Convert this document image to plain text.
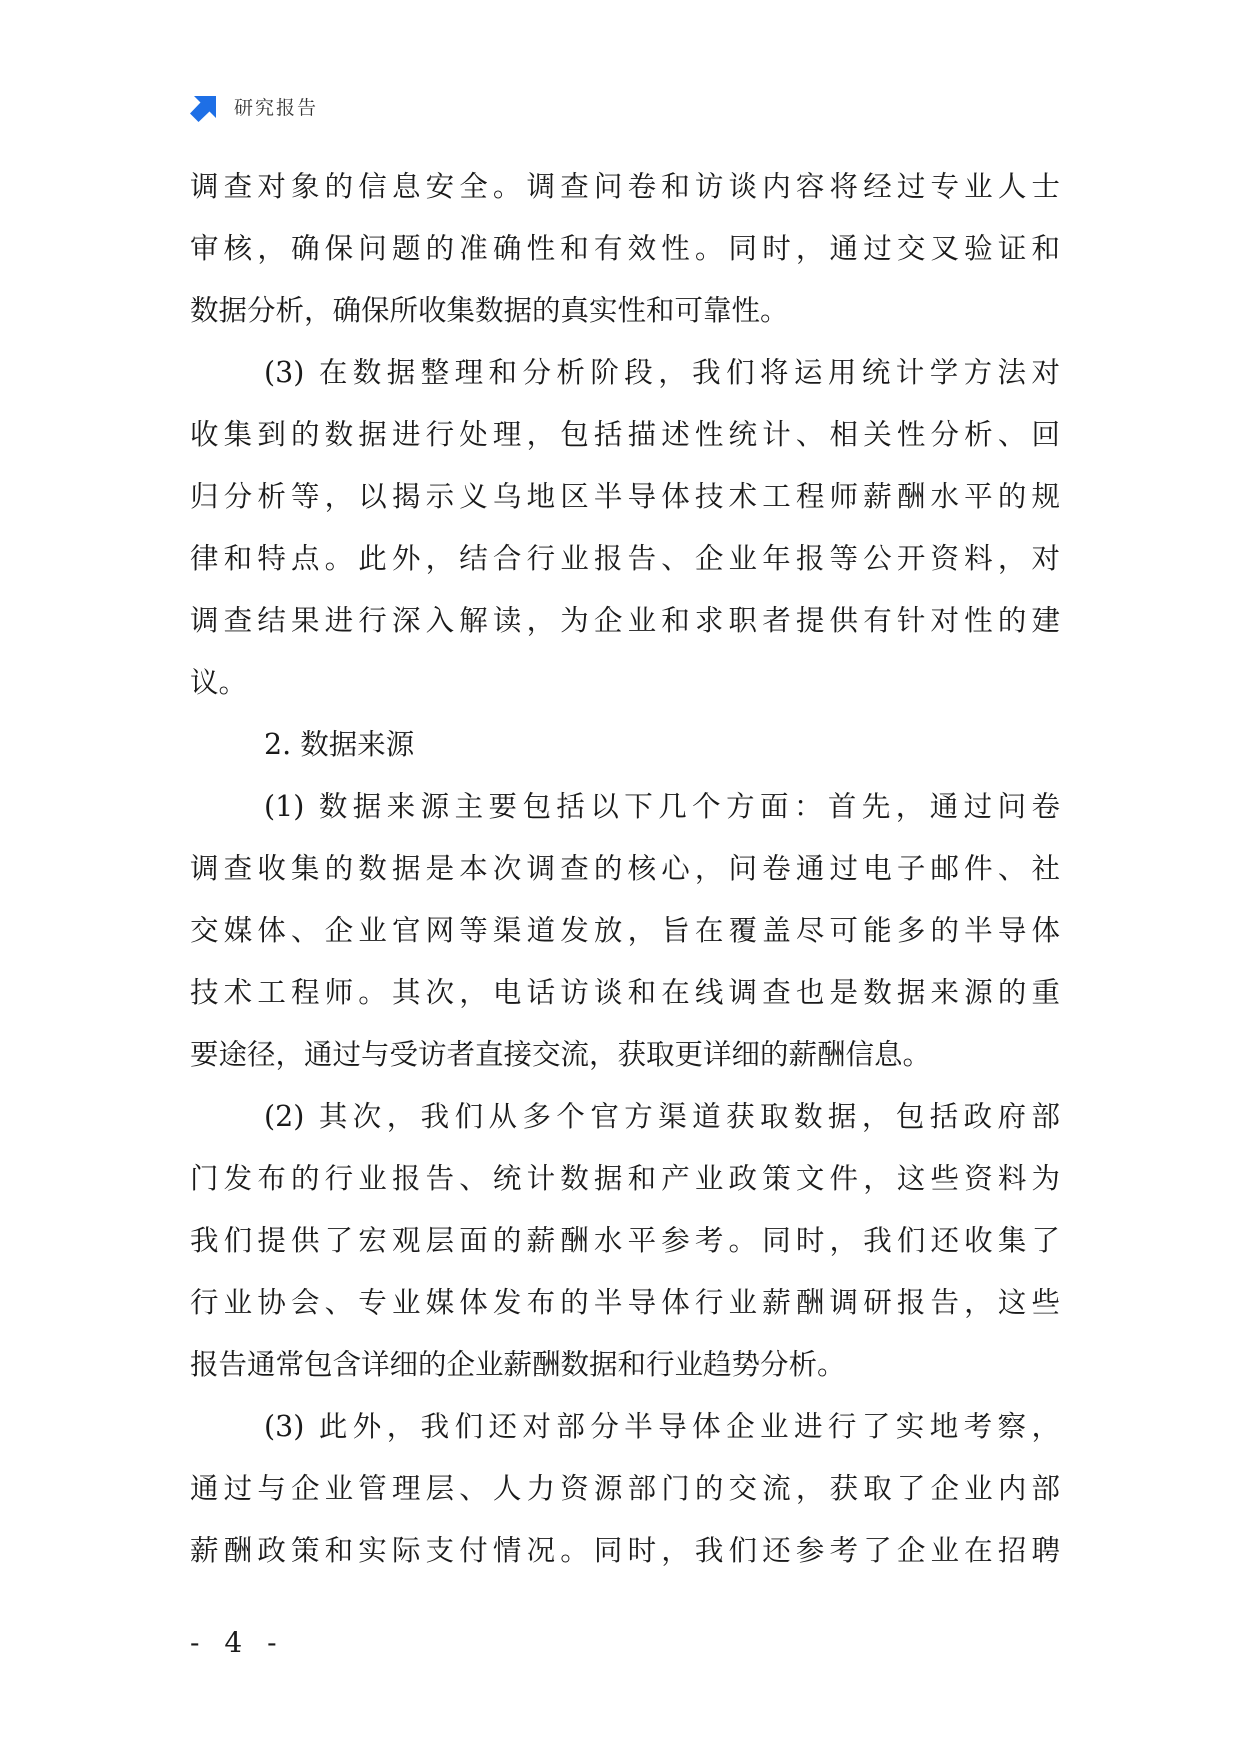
研究报告
调查对象的信息安全。调查问卷和访谈内容将经过专业人士
审核，确保问题的准确性和有效性。同时，通过交叉验证和
数据分析，确保所收集数据的真实性和可靠性。
(3) 在数据整理和分析阶段，我们将运用统计学方法对
收集到的数据进行处理，包括描述性统计、相关性分析、回
归分析等，以揭示义乌地区半导体技术工程师薪酬水平的规
律和特点。此外，结合行业报告、企业年报等公开资料，对
调查结果进行深入解读，为企业和求职者提供有针对性的建
议。
2. 数据来源
(1) 数据来源主要包括以下几个方面：首先，通过问卷
调查收集的数据是本次调查的核心，问卷通过电子邮件、社
交媒体、企业官网等渠道发放，旨在覆盖尽可能多的半导体
技术工程师。其次，电话访谈和在线调查也是数据来源的重
要途径，通过与受访者直接交流，获取更详细的薪酬信息。
(2) 其次，我们从多个官方渠道获取数据，包括政府部
门发布的行业报告、统计数据和产业政策文件，这些资料为
我们提供了宏观层面的薪酬水平参考。同时，我们还收集了
行业协会、专业媒体发布的半导体行业薪酬调研报告，这些
报告通常包含详细的企业薪酬数据和行业趋势分析。
(3) 此外，我们还对部分半导体企业进行了实地考察，
通过与企业管理层、人力资源部门的交流，获取了企业内部
薪酬政策和实际支付情况。同时，我们还参考了企业在招聘
- 4 -
